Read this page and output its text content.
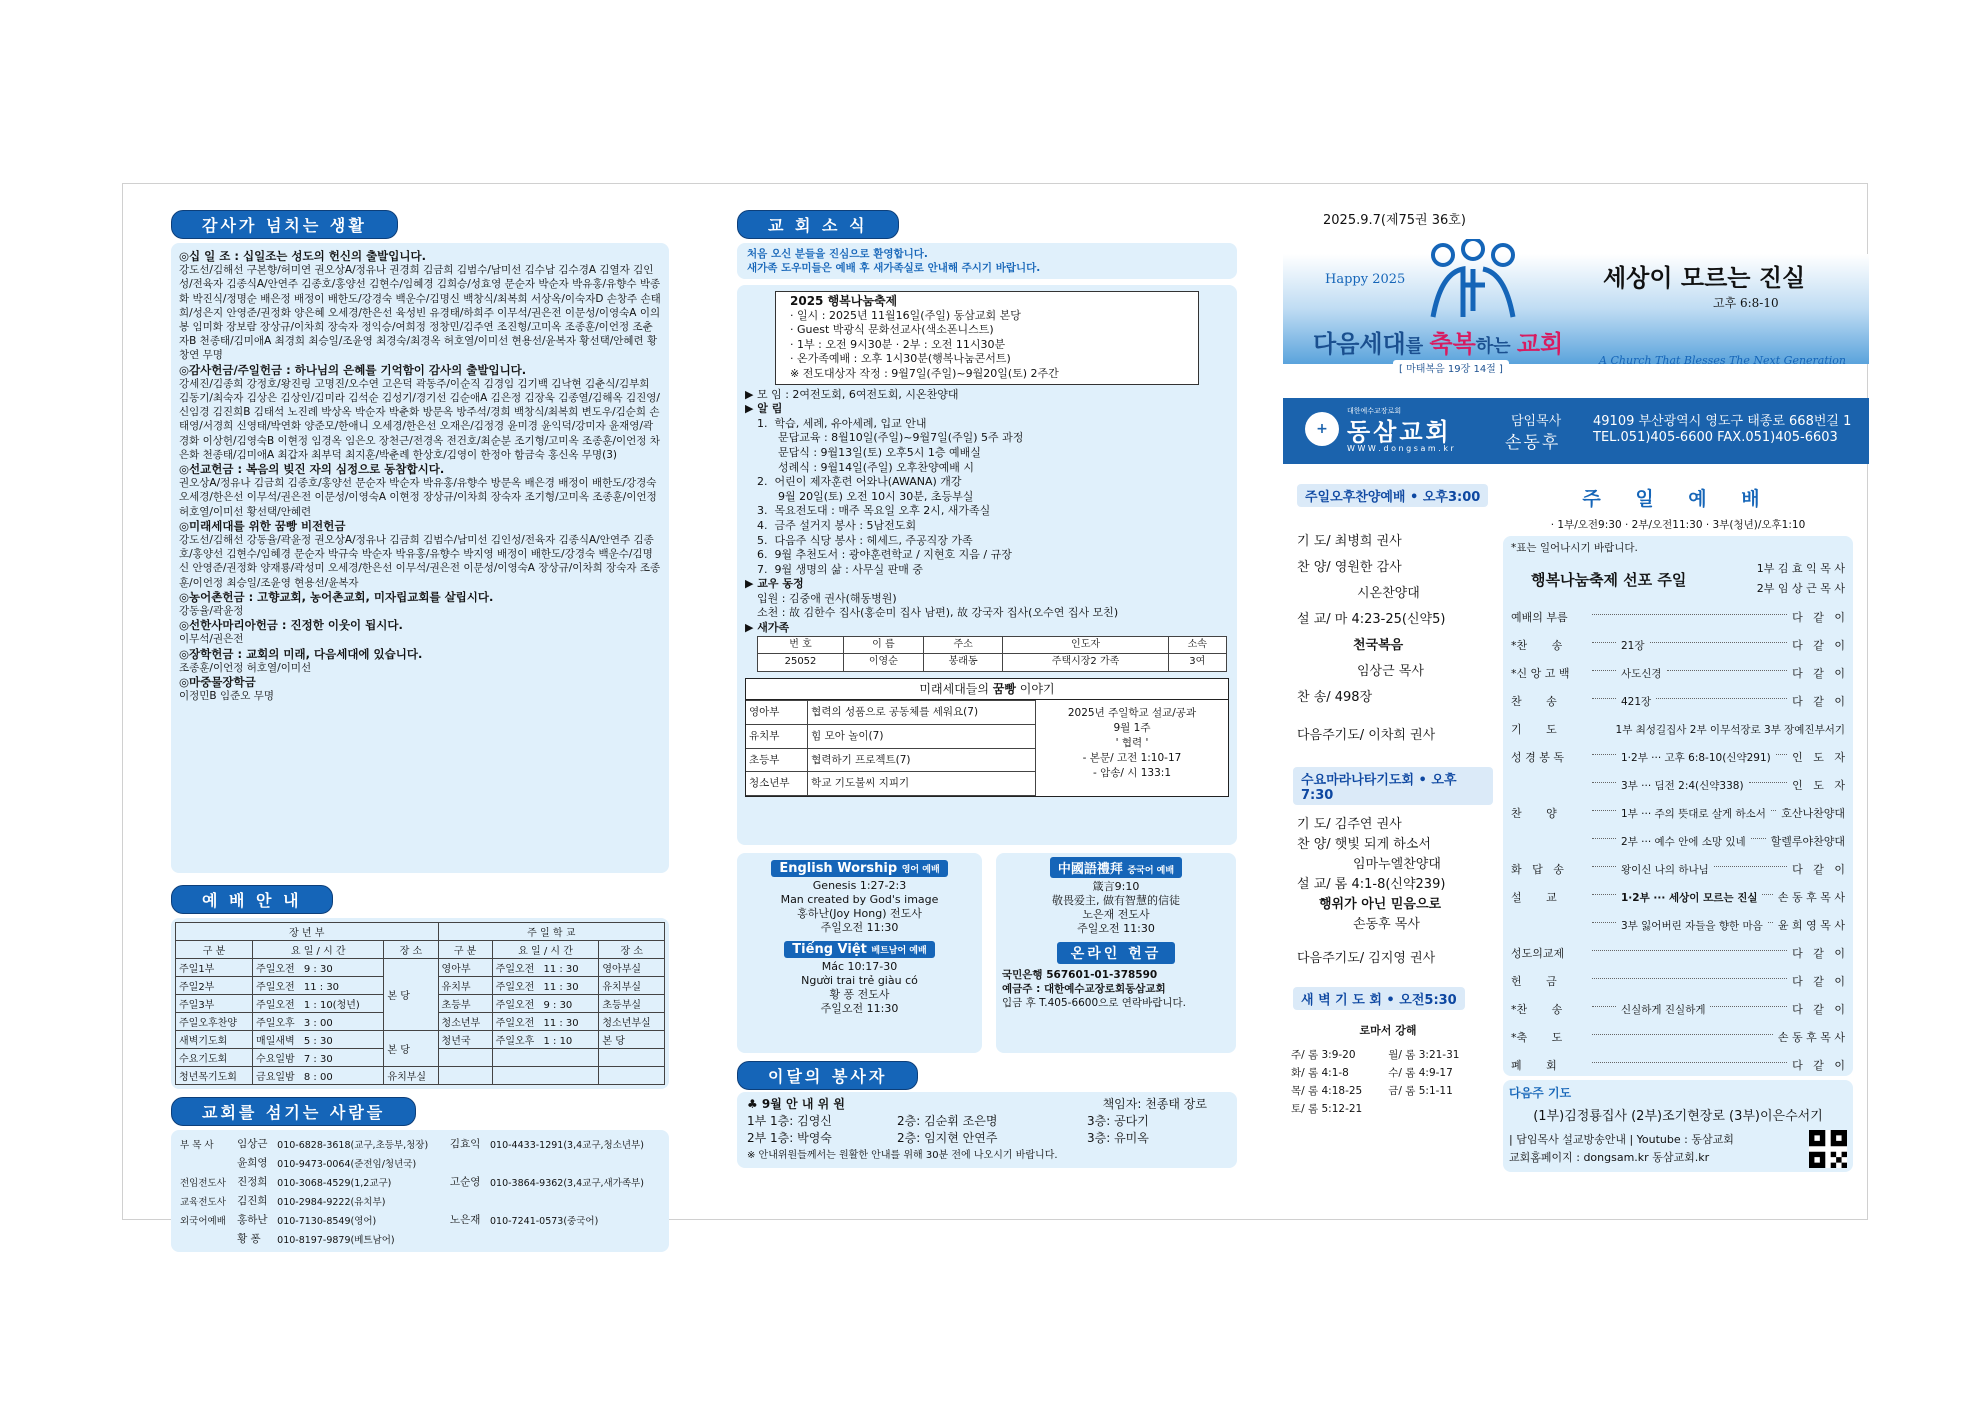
감사가 넘치는 생활
◎십 일 조 : 십일조는 성도의 헌신의 출발입니다.
강도선/김해선 구본향/허미연 권오상A/정유나 권경희 김금희 김범수/남미선 김수남 김수경A 김열자 김인성/전육자 김종식A/안연주 김종호/홍양선 김현수/임혜경 김희승/성효영 문순자 박순자 박유홍/유향수 박종화 박진식/정명순 배은정 배정이 배한도/강경숙 백운수/김명신 백창식/최복희 서상옥/이숙자D 손창주 손태희/성은지 안영준/권정화 양은혜 오세경/한은선 육성빈 유경태/하희주 이무석/권은전 이문성/이영숙A 이의봉 임미화 장보람 장상규/이차희 장숙자 정익승/여희정 정창민/김주연 조진형/고미옥 조종훈/이언정 조춘자B 천종태/김미애A 최경희 최승일/조윤영 최경숙/최경옥 허호열/이미선 현용선/윤복자 황선택/안혜련 황창연 무명
◎감사헌금/주일헌금 : 하나님의 은혜를 기억함이 감사의 출발입니다.
강세진/김종희 강정호/왕진링 고명진/오수연 고은덕 곽동주/이순직 김경임 김기백 김낙현 김춘식/김부희 김동기/최숙자 김상은 김상인/김미라 김석순 김성기/경기선 김순애A 김은정 김장욱 김종열/김해옥 김진영/신임경 김진희B 김태석 노진례 박상옥 박순자 박춘화 방문옥 방주석/경희 백창식/최복희 변도우/김순희 손태영/서경희 신영태/박연화 양준모/한애니 오세경/한은선 오재은/김정경 윤미경 윤익덕/강미자 윤재영/곽경화 이상헌/김영숙B 이현정 임경옥 임은오 장천근/전경옥 전건호/최순분 조기형/고미옥 조종훈/이언정 차은화 천종태/김미애A 최갑자 최부덕 최지훈/박춘례 한상호/김영이 한정아 함금숙 홍신옥 무명(3)
◎선교헌금 : 복음의 빚진 자의 심정으로 동참합시다.
권오상A/정유나 김금희 김종호/홍양선 문순자 박순자 박유홍/유향수 방문옥 배은경 배정이 배한도/강경숙 오세경/한은선 이무석/권은전 이문성/이영숙A 이현정 장상규/이차희 장숙자 조기형/고미옥 조종훈/이언정 허호열/이미선 황선택/안혜련
◎미래세대를 위한 꿈빵 비전헌금
강도선/김해선 강동율/곽윤정 권오상A/정유나 김금희 김범수/남미선 김인성/전육자 김종식A/안연주 김종호/홍양선 김현수/임혜경 문순자 박규숙 박순자 박유홍/유향수 박지영 배정이 배한도/강경숙 백운수/김명신 안영준/권정화 양재룡/곽성미 오세경/한은선 이무석/권은전 이문성/이영숙A 장상규/이차희 장숙자 조종훈/이언정 최승일/조윤영 현용선/윤복자
◎농어촌헌금 : 고향교회, 농어촌교회, 미자립교회를 살립시다.
강동율/곽윤정
◎선한사마리아헌금 : 진정한 이웃이 됩시다.
이무석/권은전
◎장학헌금 : 교회의 미래, 다음세대에 있습니다.
조종훈/이언정 허호열/이미선
◎마중물장학금
이정민B 임준오 무명
예 배 안 내
장 년 부			주 일 학 교		
구 분	요 일 / 시 간	장 소	구 분	요 일 / 시 간	장 소
주일1부	주일오전 9 : 30	본 당	영아부	주일오전 11 : 30	영아부실
주일2부	주일오전 11 : 30		유치부	주일오전 11 : 30	유치부실
주일3부	주일오전 1 : 10(청년)		초등부	주일오전 9 : 30	초등부실
주일오후찬양	주일오후 3 : 00		청소년부	주일오전 11 : 30	청소년부실
새벽기도회	매일새벽 5 : 30	본 당	청년국	주일오후 1 : 10	본 당
수요기도회	수요일밤 7 : 30				
청년목기도회	금요일밤 8 : 00	유치부실			
교회를 섬기는 사람들
부 목 사	임상근	010-6828-3618(교구,초등부,청장)	김효익	010-4433-1291(3,4교구,청소년부)
	윤희영	010-9473-0064(준전임/청년국)		
전임전도사	진정희	010-3068-4529(1,2교구)	고순영	010-3864-9362(3,4교구,새가족부)
교육전도사	김진희	010-2984-9222(유치부)		
외국어예배	홍하난	010-7130-8549(영어)	노은재	010-7241-0573(중국어)
	황 퐁	010-8197-9879(베트남어)		
교 회 소 식
처음 오신 분들을 진심으로 환영합니다.
새가족 도우미들은 예배 후 새가족실로 안내해 주시기 바랍니다.
2025 행복나눔축제
· 일시 : 2025년 11월16일(주일) 동삼교회 본당
· Guest 박광식 문화선교사(색소폰니스트)
· 1부 : 오전 9시30분 · 2부 : 오전 11시30분
· 온가족예배 : 오후 1시30분(행복나눔콘서트)
※ 전도대상자 작정 : 9월7일(주일)~9월20일(토) 2주간
▶ 모 임 : 2여전도회, 6여전도회, 시온찬양대
▶ 알 림
1.  학습, 세례, 유아세례, 입교 안내
문답교육 : 8월10일(주일)~9월7일(주일) 5주 과정
문답식 : 9월13일(토) 오후5시 1층 예배실
성례식 : 9월14일(주일) 오후찬양예배 시
2.  어린이 제자훈련 어와나(AWANA) 개강
9월 20일(토) 오전 10시 30분, 초등부실
3.  목요전도대 : 매주 목요일 오후 2시, 새가족실
4.  금주 설거지 봉사 : 5남전도회
5.  다음주 식당 봉사 : 헤세드, 주공직장 가족
6.  9월 추천도서 : 광야훈련학교 / 지현호 지음 / 규장
7.  9월 생명의 삶 : 사무실 판매 중
▶ 교우 동정
입원 : 김중애 권사(해동병원)
소천 : 故 김한수 집사(홍순미 집사 남편), 故 강국자 집사(오수연 집사 모친)
▶ 새가족
번 호	이 름	주소	인도자	소속
25052	이영순	봉래동	주택시장2 가족	3여
미래세대들의 꿈빵 이야기
영아부	협력의 성품으로 공동체를 세워요(7)
유치부	힘 모아 놀이(7)
초등부	협력하기 프로젝트(7)
청소년부	학교 기도불씨 지피기
2025년 주일학교 설교/공과
9월 1주
' 협력 '
- 본문/ 고전 1:10-17
- 암송/ 시 133:1
English Worship 영어 예배
Genesis 1:27-2:3
Man created by God's image
홍하난(Joy Hong) 전도사
주일오전 11:30
Tiếng Việt 베트남어 예배
Mác 10:17-30
Người trai trẻ giàu có
황 퐁 전도사
주일오전 11:30
中國語禮拜 중국어 예배
箴言9:10
敬畏爱主, 做有智慧的信徒
노은재 전도사
주일오전 11:30
온라인 헌금
국민은행 567601-01-378590
예금주 : 대한예수교장로회동삼교회
입금 후 T.405-6600으로 연락바랍니다.
이달의 봉사자
♣ 9월 안 내 위 원	책임자: 천종태 장로
1부 1층: 김영신	2층: 김순휘 조은명	3층: 공다기
2부 1층: 박영숙	2층: 임지현 안연주	3층: 유미옥
※ 안내위원들께서는 원활한 안내를 위해 30분 전에 나오시기 바랍니다.
2025.9.7(제75권 36호)
Happy 2025
다음세대를 축복하는 교회
[ 마태복음 19장 14절 ]
A Church That Blesses The Next Generation
세상이 모르는 진실
고후 6:8-10
+
대한예수교장로회
동삼교회
W W W . d o n g s a m . k r
담임목사
손동후
49109 부산광역시 영도구 태종로 668번길 1
TEL.051)405-6600 FAX.051)405-6603
주일오후찬양예배 • 오후3:00
기 도/ 최병희 권사
찬 양/ 영원한 감사
시온찬양대
설 교/ 마 4:23-25(신약5)
천국복음
임상근 목사
찬 송/ 498장
다음주기도/ 이차희 권사
수요마라나타기도회 • 오후7:30
기 도/ 김주연 권사
찬 양/ 햇빛 되게 하소서
임마누엘찬양대
설 교/ 롬 4:1-8(신약239)
행위가 아닌 믿음으로
손동후 목사
다음주기도/ 김지영 권사
새 벽 기 도 회 • 오전5:30
로마서 강해
주/ 롬 3:9-20	월/ 롬 3:21-31
화/ 롬 4:1-8	수/ 롬 4:9-17
목/ 롬 4:18-25	금/ 롬 5:1-11
토/ 롬 5:12-21	
주 일 예 배
· 1부/오전9:30 · 2부/오전11:30 · 3부(청년)/오후1:10
*표는 일어나시기 바랍니다.
행복나눔축제 선포 주일
1부 김 효 익 목 사
2부 임 상 근 목 사
예배의 부름	다   같   이
*찬       송	21장	다   같   이
*신 앙 고 백	사도신경	다   같   이
찬       송	421장	다   같   이
기       도	1부 최성길집사 2부 이무석장로 3부 장예진부서기
성 경 봉 독	1·2부 ··· 고후 6:8-10(신약291) 인   도   자
3부 ··· 딤전 2:4(신약338)	인   도   자
찬       양	1부 ··· 주의 뜻대로 살게 하소서 호산나찬양대
2부 ··· 예수 안에 소망 있네 할렐루야찬양대
화   답   송	왕이신 나의 하나님	다   같   이
설       교	1·2부 ··· 세상이 모르는 진실 손 동 후 목 사
3부 잃어버린 자들을 향한 마음 윤 희 영 목 사
성도의교제	다   같   이
헌       금	다   같   이
*찬       송	신실하게 진실하게	다   같   이
*축       도	손 동 후 목 사
폐       회	다   같   이
다음주 기도
(1부)김정룡집사 (2부)조기현장로 (3부)이은수서기
| 담임목사 설교방송안내 | Youtube : 동삼교회
교회홈페이지 : dongsam.kr 동삼교회.kr
